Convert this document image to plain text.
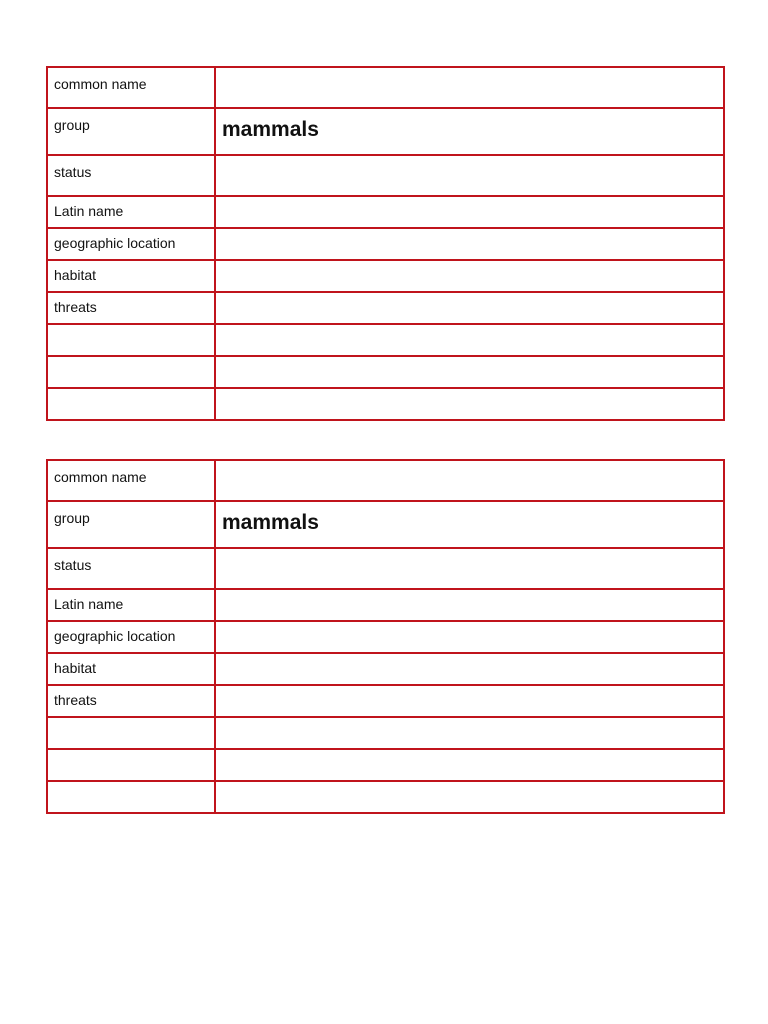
common name	
group	mammals
status	
Latin name	
geographic location	
habitat	
threats	

common name	
group	mammals
status	
Latin name	
geographic location	
habitat	
threats	
